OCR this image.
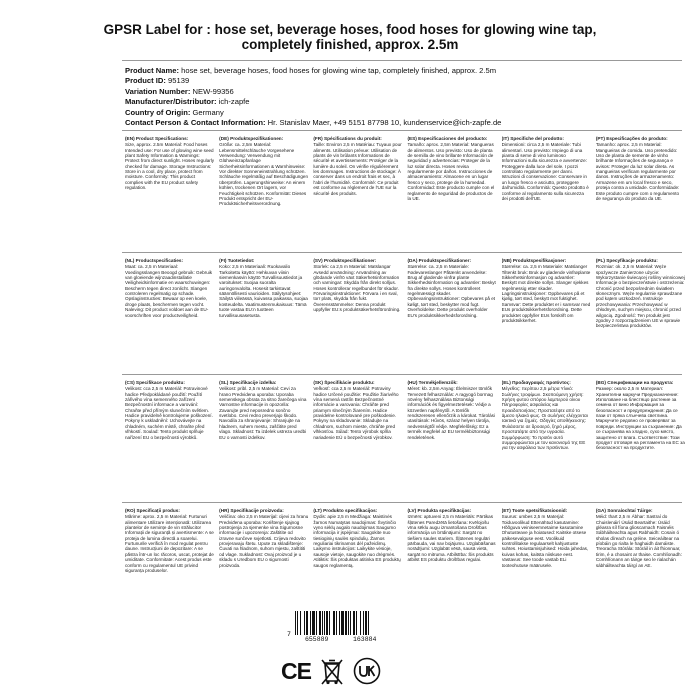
GPSR Label for : hose set, beverage hoses, food hoses for glowing wine tap, completely finished, approx. 2.5m
Product Name: hose set, beverage hoses, food hoses for glowing wine tap, completely finished, approx. 2.5m
Product ID: 95139
Variation Number: NEW-99356
Manufacturer/Distributor: ich-zapfe
Country of Origin: Germany
Contact Person & Contact Information: Hr. Stanislav Maer, +49 5151 87798 10, kundenservice@ich-zapfe.de
(EN) Product Specifications:
Size, approx. 2.5m Material: Food hoses Intended use: For use of glowing wine seed plant Safety Information & Warnings: Protect from direct sunlight. Hoses regularly checked for damage. Storage Instructions: Store in a cool, dry place, protect from moisture. Conformity: This product complies with the EU product safety regulation.
(DE) Produktspezifikationen:
Größe: ca. 2,5m Material: Lebensmittelschläuche Vorgesehene Verwendung: Verwendung mit Glühweinzapfanlage Sicherheitsinformationen & Warnhinweise: Vor direkter Sonneneinstrahlung schützen. Schläuche regelmäßig auf Beschädigungen überprüfen. Lagerungshinweise: An einem kühlen, trockenen Ort lagern, vor Feuchtigkeit schützen. Konformität: Dieses Produkt entspricht der EU-Produktsicherheitsverordnung.
(FR) Spécifications du produit:
Taille: Environ 2,5 m Matériau: Tuyaux pour aliments. Utilisation prévue: Utilisation de plants de vin brûlants Informations de sécurité et avertissements: Protéger de la lumière du soleil. On vérifie régulièrement les dommages. Instructions de stockage: À conserver dans un endroit frais et sec, à l'abri de l'humidité. Conformité: Ce produit est conforme au règlement de l'UE sur la sécurité des produits.
(ES) Especificaciones del producto:
Tamaño: aprox. 2,5m Material: Mangueras de alimentos. Uso previsto: Uso de planta de semilla de vino brillante Información de seguridad y advertencias: Proteger de la luz solar directa. Hoses revisa regularmente por daños. Instrucciones de almacenamiento: Almacene en un lugar fresco y seco, protege de la humedad. Conformidad: Este producto cumple con el reglamento de seguridad de productos de la UE.
(IT) Specifiche del prodotto:
Dimensioni: circa 2,5 m Materiale: Tubi alimentari. Uso previsto: Impiego di una pianta di seme di vino luminoso Informazioni sulla sicurezza e avvertenze: Proteggere dalla luce del sole. I pozzi controllato regolarmente per danni. Istruzioni di conservazione: Conservare in un luogo fresco e asciutto, proteggere dall'umidità. Conformità: Questo prodotto è conforme al regolamento sulla sicurezza dei prodotti dell'UE.
(PT) Especificações do produto:
Tamanho: aprox. 2,5 m Material: Mangueiras de comida. Uso pretendido: Uso de planta de semente de vinho brilhante Informações de segurança e avisos: Proteger da luz solar direta. As mangueiras verificam regularmente por danos. Instruções de armazenamento: Armazene em um local fresco e seco, proteja contra a umidade. Conformidade: Este produto cumpre com o regulamento de segurança do produto da UE.
(NL) Productspecificaties:
Maat: ca. 2,5 m Materiaal: Voedingsslangen Beoogd gebruik: Gebruik van gloeiende wijnzaadinstallatie Veiligheidsinformatie en waarschuwingen: Bescherm tegen direct zonlicht. Slangen controleren regelmatig op schade. Opslaginstructies: Bewaar op een koele, droge plaats, beschermen tegen vocht. Naleving: Dit product voldoet aan de EU-voorschriften voor productveiligheid.
(FI) Tuotetiedot:
Koko: 2,5 m Materiaali: Ruokavalio Tarkoitettu käyttö: Hehkuvan viinin siemenkasvin käyttö Turvallisuustiedot ja varoitukset: Suojaa suoralta auringonvalolta. Hosesit tarkistavat säännöllisesti vaurioiden. Säilytysohjeet: Säilytä viileässä, kuivassa paikassa, suojaa kosteudelta. Vaatimustenmukaisuus: Tämä tuote vastaa EU:n tuotteen turvallisuusasetusta.
(SV) Produktspecifikationer:
Storlek: ca 2,5 m Material: Matslangar Avsedd användning: Användning av glödande vinfrö växt Säkerhetsinformation och varningar: Skydda från direkt solljus. Hoses kontrollerar regelbundet för skador. Förvaringsinstruktioner: Förvara i en sval, torr plats, skydda från fukt. Överensstämmelse: Denna produkt uppfyller EU:s produktsäkerhetsförordning.
(DA) Produktspecifikationer:
Størrelse: ca. 2,5 m Materiale: Fødevareslanger Påtænkt anvendelse: Brug af glødende vinfrø plante Sikkerhedsinformation og advarsler: Beskyt fra direkte sollys. Hoses kontrolleret regelmæssigt skader. Opbevaringsinstruktioner: Opbevares på et køligt, tørt sted, beskytter mod fugt. Overholdelse: Dette produkt overholder EU's produktsikkerhedsforordning.
(NB) Produktspesifikasjoner:
Størrelse: ca. 2,5 m Materiale: Matslanger Tiltenkt bruk: Bruk av glødende vinfrøplante Sikkerhetsinformasjon og advarsler: Beskytt mot direkte sollys. Slanger sjekkes regelmessig etter skader. Lagringsinstruksjoner: Oppbevares på et kjølig, tørt sted, beskytt mot fuktighet. Samsvar: Dette produktet er i samsvar med EUs produktsikkerhetsforordning. Dette produktet oppfyller EUs forskrift om produktsikkerhet.
(PL) Specyfikacje produktu:
Rozmiar: ok. 2,5 m Materiał: Węże spożywcze Zamierzone użycie: Wykorzystanie świecącej rośliny winnicowej Informacje o bezpieczeństwie i ostrzeżenia: Chronić przed bezpośrednim światłem słonecznym. Węże regularnie sprawdzane pod kątem uszkodzeń. Instrukcje przechowywania: Przechowywać w chłodnym, suchym miejscu, chronić przed wilgocią. Zgodność: Ten produkt jest zgodny z rozporządzeniem UE w sprawie bezpieczeństwa produktów.
(CS) Specifikace produktu:
Velikost: cca 2,5 m Materiál: Potravinové hadice Předpokládané použití: Použití zářivého vína semenného zařízení Bezpečnostní informace a varování: Chraňte před přímým slunečním světlem. Hadice pravidelně kontrolujeme poškození. Pokyny k uskladnění: Uchovávejte na chladném, suchém místě, chraňte před vlhkostí. Soulad: Tento produkt splňuje nařízení EU o bezpečnosti výrobků.
(SL) Specifikacije izdelka:
Velikost: pribl. 2,5 m Material: Cevi za hrano Predvidena uporaba: Uporaba semenskega obrata za sitno žarečega vina Varnostne informacije in opozorila: Zavarujte pred neposredno sončno svetlobo. Cevi redno preverjajo škodo. Navodila za shranjevanje: Shranjujte na hladnem, suhem mestu, zaščitite pred vlago. Skladnost: Ta izdelek ustreza uredbi EU o varnosti izdelkov.
(SK) Špecifikácie produktu:
Veľkosť: cca 2,5 m Materiál: Potraviny hadice Určené použitie: Použitie žiarivého vína semená rastlín Bezpečnostné informácie a varovania: Chráňte pred priamym slnečným žiarením. Hadice pravidelne kontrolované pre poškodenie. Pokyny na skladovanie: Skladujte na chladnom, suchom mieste, chráňte pred vlhkosťou. Súlad: Tento výrobok spĺňa nariadenie EÚ o bezpečnosti výrobkov.
(HU) Termékjellemzők:
Méret: kb. 2,5m Anyag: Élelmiszer tömlők Tervezett felhasználás: A ragyogó bormag növény felhasználása Biztonsági információk és figyelmeztetések: Védje a közvetlen napfénytől. A tömlők rendszeresen ellenőrzik a károkat. Tárolási utasítások: Hűvös, száraz helyen tárolja, nedvességtől védje. Megfelelőség: Ez a termék megfelel az EU termékbiztonsági rendeletének.
(EL) Προδιαγραφές προϊόντος:
Μέγεθος: περίπου 2,5 μέτρα Υλικό: Σωλήνες τροφίμων. Σκοπούμενη χρήση: Χρήση φυτού σπόρου λαμπερού οίνου Πληροφορίες ασφαλείας και προειδοποιήσεις: Προστατέψτε από το άμεσο ηλιακό φως. Οι σωλήνες ελέγχονται τακτικά για ζημιές. Οδηγίες αποθήκευσης: Φυλάσσετε σε δροσερό, ξηρό μέρος, προστατέψτε από την υγρασία. Συμμόρφωση: Το προϊόν αυτό συμμορφώνεται με τον κανονισμό της ΕΕ για την ασφάλεια των προϊόντων.
(BG) Спецификации на продукта:
Размер: около 2,5 m Материал: Хранителни маркучи Предназначение: Използване на блестящо растение за семена от вино Информация за безопасност и предупреждения: Да се пази от пряка слънчева светлина. Маркучите редовно се проверяват за повреди. Инструкции за съхранение: Да се съхранява на хладно, сухо място, защитено от влага. Съответствие: Този продукт отговаря на регламента на ЕС за безопасност на продуктите.
(RO) Specificații produs:
Mărime: aprox. 2,5 m Material: Furtunuri alimentare Utilizare intenționată: Utilizarea plantelor de semințe de vin strălucitor Informații de siguranță și avertismente: A se proteja de lumina directă a soarelui. Furtunurile verifică în mod regulat pentru daune. Instrucțiuni de depozitare: A se păstra într-un loc răcoros, uscat, protejat de umiditate. Conformitate: Acest produs este conform cu regulamentul UE privind siguranța produselor.
(HR) Specifikacije proizvoda:
Veličina: oko 2,5 m Materijal: cijevi za hranu Predviđena uporaba: Korištenje sjajnog postrojenja za sjemenke vina Sigurnosne informacije i upozorenja: Zaštitite od izravne sunčeve svjetlosti. Crijeva redovito provjeravaju štetu. Upute za skladištenje: Čuvati na hladnom, suhom mjestu, zaštititi od vlage. Sukladnost: Ovaj proizvod je u skladu s Uredbom EU o sigurnosti proizvoda.
(LT) Produkto specifikacijos:
Dydis: apie 2,5 m Medžiaga: Maistinės žarnos Numatytas naudojimas: Švytinčio vyno sėklų augalo naudojimas Saugumo informacija ir įspėjimai: Saugokite nuo tiesioginių saulės spindulių. Žarnos reguliariai tikrinamos dėl pažeidimų. Laikymo instrukcijos: Laikykite vėsioje, sausoje vietoje, saugokite nuo drėgmės. Atitiktis: Šis produktas atitinka ES produktų saugos reglamentą.
(LV) Produkta specifikācijas:
Izmērs: aptuveni 2,5 m Materiāls: Pārtikas šļūtenes Paredzētā lietošana: Kvēlojošu vīna sēklu augu izmantošana Drošības informācija un brīdinājumi: Sargāt no tiešiem saules stariem. Šļūtenes regulāri pārbauda, vai nav bojājumu. Uzglabāšanas norādījumi: Uzglabāt vēsā, sausā vietā, sargāt no mitruma. Atbilstība: Šis produkts atbilst ES produktu drošības regulai.
(ET) Toote spetsifikatsioonid:
Suurus: umbes 2,5 m Materjal: Toiduvoolikud Ettenähtud kasutamine: Hõõguva veiniseemnetaime kasutamine Ohutusteave ja hoiatused: Kaitske otsese päikesevalguse eest. Voolikuid kontrollitakse regulaarselt kahjustuste suhtes. Hoiustamisjuhised: Hoida jahedas, kuivas kohas, kaitsta niiskuse eest. Vastavus: See toode vastab ELi tooteohutuse määrusele.
(GA) Sonraíochtaí Táirge:
Méid: thart 2,5 m Ábhar: Sastraí do Chuislenáirí Úsáid Beartaithe: Úsáid gléasra síl fíona glioscarnach Faisnéis Sábháilteachta agus Rabhaidh: Cosain ó sholas díreach na gréine. Seiceáiltear na píobáin go rialta le haghaidh damáiste. Treoracha Stórála: Stóráil in áit fhionnuar, tirim, é a chosaint ar thaise. Comhlíonadh: Comhlíonann an táirge seo le rialachán sábháilteachta táirgí an AE.
7
655889	163884
CE
